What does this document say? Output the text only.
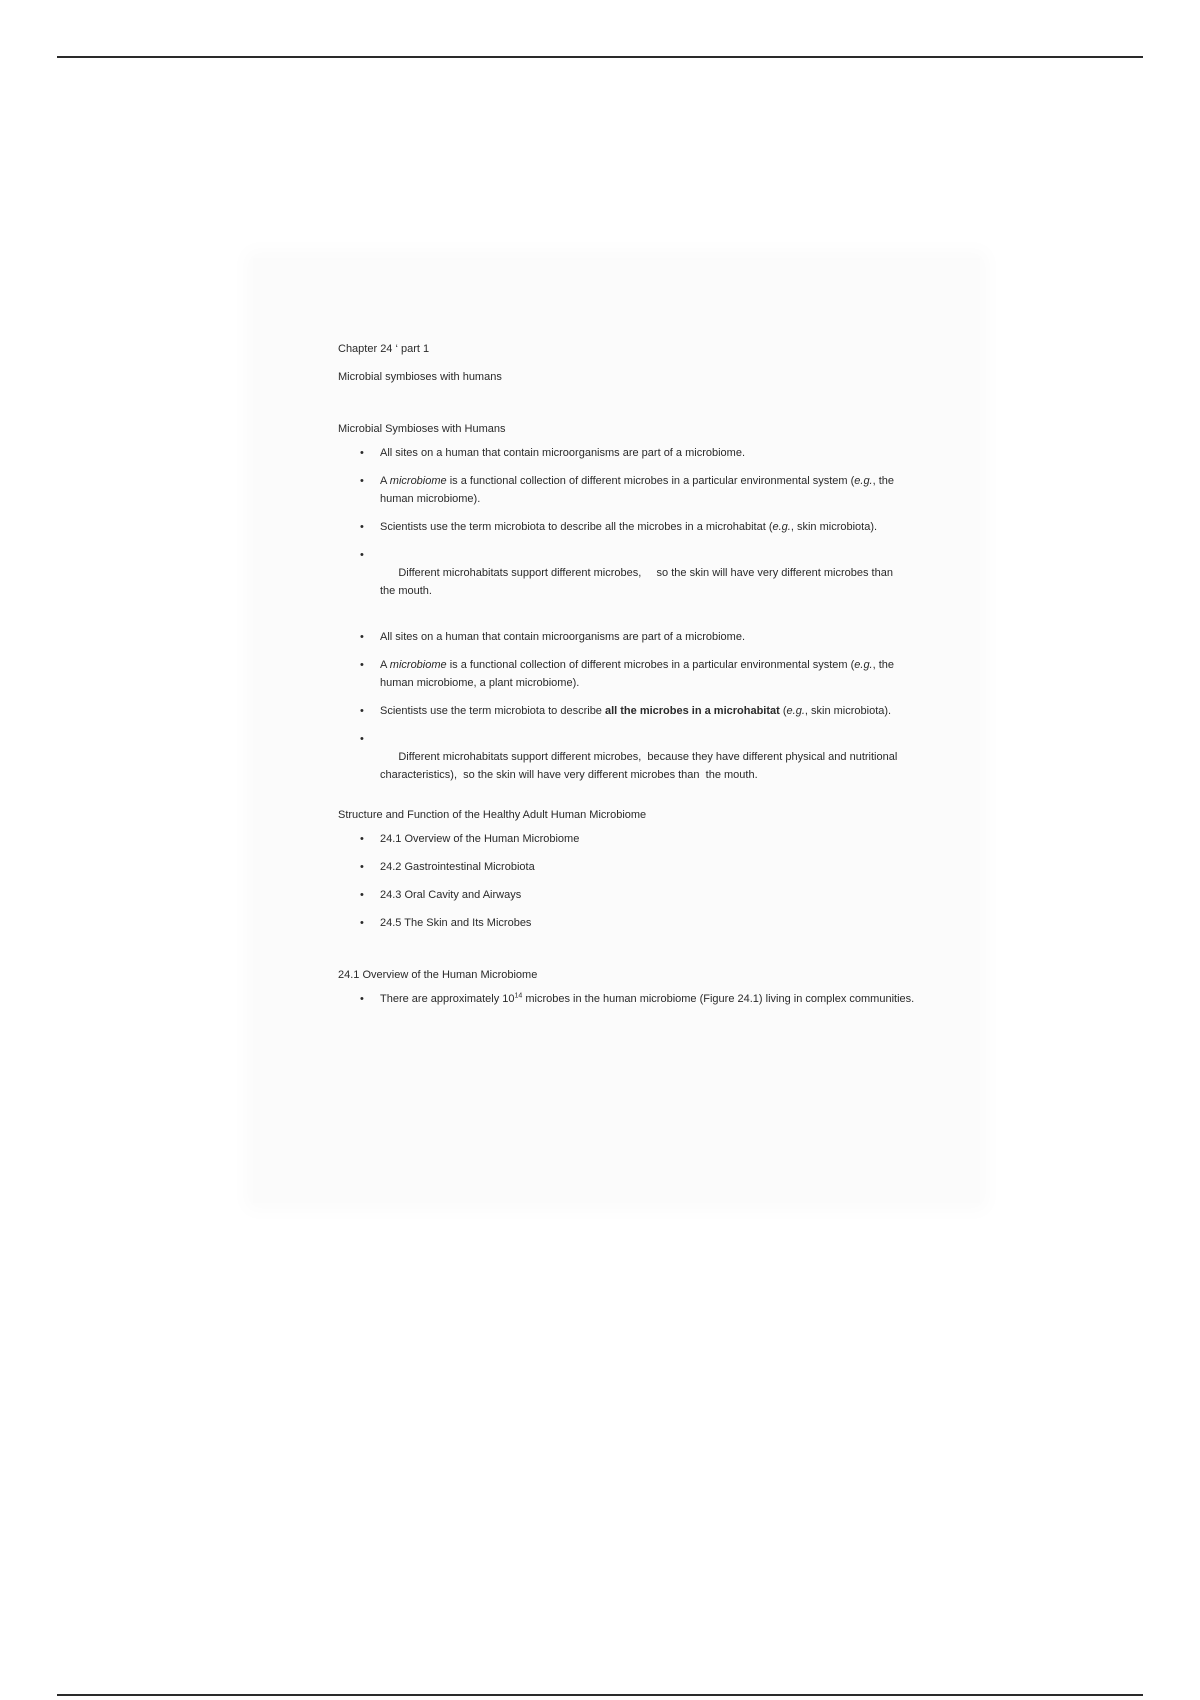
Chapter 24 ‘ part 1

Microbial symbioses with humans

Microbial Symbioses with Humans

• All sites on a human that contain microorganisms are part of a microbiome.
• A microbiome is a functional collection of different microbes in a particular environmental system (e.g., the human microbiome).
• Scientists use the term microbiota to describe all the microbes in a microhabitat (e.g., skin microbiota).

• Different microhabitats support different microbes,     so the skin will have very different microbes than     the mouth.

• All sites on a human that contain microorganisms are part of a microbiome.
• A microbiome is a functional collection of different microbes in a particular environmental system (e.g., the human microbiome, a plant microbiome).
• Scientists use the term microbiota to describe all the microbes in a microhabitat (e.g., skin microbiota).

• Different microhabitats support different microbes,  because they have different physical and nutritional characteristics),  so the skin will have very different microbes than  the mouth.

Structure and Function of the Healthy Adult Human Microbiome

• 24.1 Overview of the Human Microbiome
• 24.2 Gastrointestinal Microbiota
• 24.3 Oral Cavity and Airways
• 24.5 The Skin and Its Microbes

24.1 Overview of the Human Microbiome

• There are approximately $10^{14}$ microbes in the human microbiome (Figure 24.1) living in complex communities.
